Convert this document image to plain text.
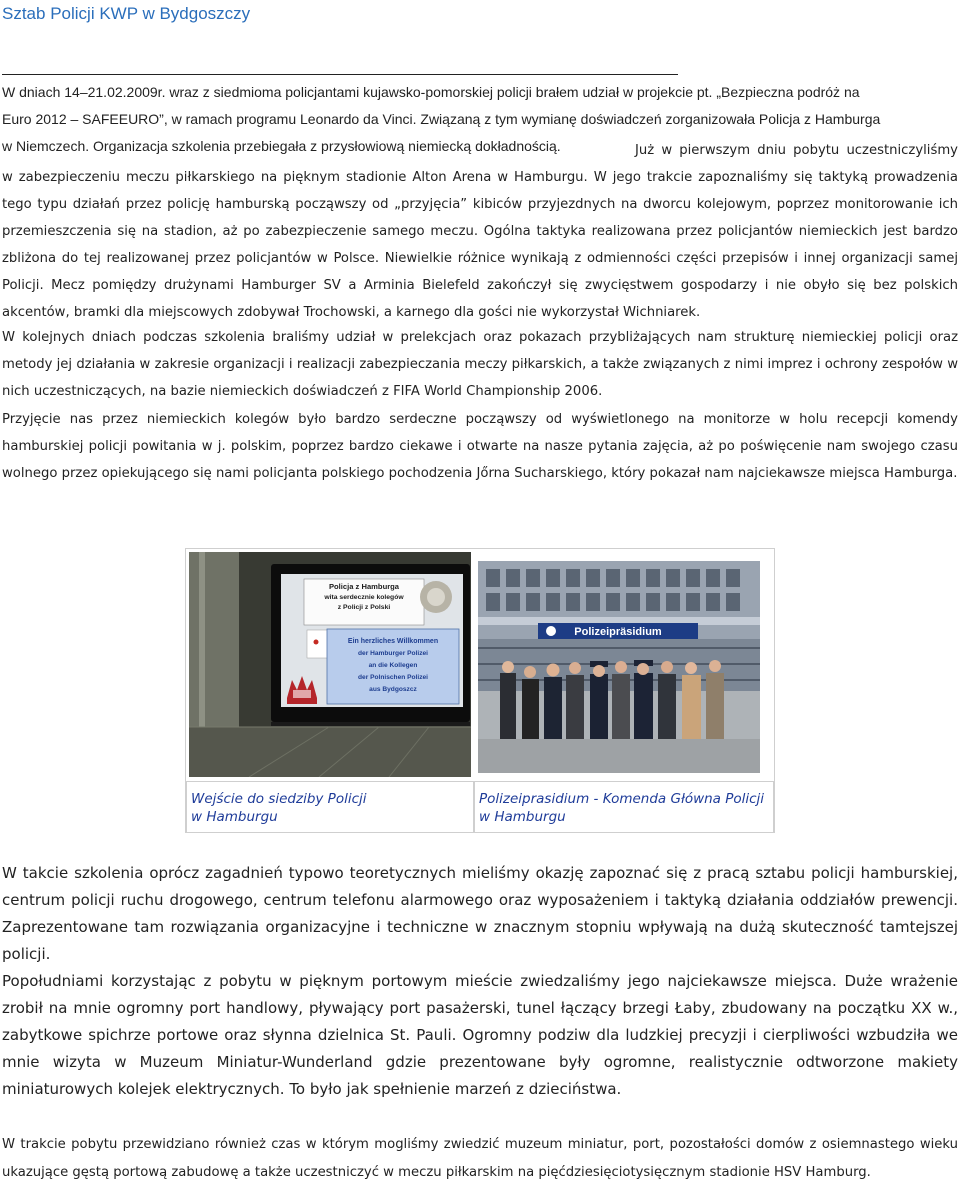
Sztab Policji KWP w Bydgoszczy
W dniach 14–21.02.2009r. wraz z siedmioma policjantami kujawsko-pomorskiej policji brałem udział w projekcie pt. „Bezpieczna podróż na
Euro 2012 – SAFEEURO”, w ramach programu Leonardo da Vinci. Związaną z tym wymianę doświadczeń zorganizowała Policja z Hamburga
w Niemczech. Organizacja szkolenia przebiegała z przysłowiową niemiecką dokładnością.	Już w pierwszym dniu pobytu uczestniczyliśmy w zabezpieczeniu meczu piłkarskiego na pięknym stadionie Alton Arena w Hamburgu. W jego trakcie zapoznaliśmy się taktyką prowadzenia tego typu działań przez policję hamburską począwszy od „przyjęcia” kibiców przyjezdnych na dworcu kolejowym, poprzez monitorowanie ich przemieszczenia się na stadion, aż po zabezpieczenie samego meczu. Ogólna taktyka realizowana przez policjantów niemieckich jest bardzo zbliżona do tej realizowanej przez policjantów w Polsce. Niewielkie różnice wynikają z odmienności części przepisów i innej organizacji samej Policji. Mecz pomiędzy drużynami Hamburger SV a Arminia Bielefeld zakończył się zwycięstwem gospodarzy i nie obyło się bez polskich akcentów, bramki dla miejscowych zdobywał Trochowski, a karnego dla gości nie wykorzystał Wichniarek.
W kolejnych dniach podczas szkolenia braliśmy udział w prelekcjach oraz pokazach przybliżających nam strukturę niemieckiej policji oraz metody jej działania w zakresie organizacji i realizacji zabezpieczania meczy piłkarskich, a także związanych z nimi imprez i ochrony zespołów w nich uczestniczących, na bazie niemieckich doświadczeń z FIFA World Championship 2006.
Przyjęcie nas przez niemieckich kolegów było bardzo serdeczne począwszy od wyświetlonego na monitorze w holu recepcji komendy hamburskiej policji powitania w j. polskim, poprzez bardzo ciekawe i otwarte na nasze pytania zajęcia, aż po poświęcenie nam swojego czasu wolnego przez opiekującego się nami policjanta polskiego pochodzenia Jőrna Sucharskiego, który pokazał nam najciekawsze miejsca Hamburga.
Policja z Hamburga
wita serdecznie kolegów
z Policji z Polski
Ein herzliches Willkommen
der Hamburger Polizei
an die Kollegen
der Polnischen Polizei
aus Bydgoszcz
Polizeipräsidium
Wejście do siedziby Policji
w Hamburgu
Polizeiprasidium - Komenda Główna Policji
w Hamburgu
W takcie szkolenia oprócz zagadnień typowo teoretycznych mieliśmy okazję zapoznać się z pracą sztabu policji hamburskiej, centrum policji ruchu drogowego, centrum telefonu alarmowego oraz wyposażeniem i taktyką działania oddziałów prewencji. Zaprezentowane tam rozwiązania organizacyjne i techniczne w znacznym stopniu wpływają na dużą skuteczność tamtejszej policji.
Popołudniami korzystając z pobytu w pięknym portowym mieście zwiedzaliśmy jego najciekawsze miejsca. Duże wrażenie zrobił na mnie ogromny port handlowy, pływający port pasażerski, tunel łączący brzegi Łaby, zbudowany na początku XX w., zabytkowe spichrze portowe oraz słynna dzielnica St. Pauli. Ogromny podziw dla ludzkiej precyzji i cierpliwości wzbudziła we mnie wizyta w Muzeum Miniatur-Wunderland gdzie prezentowane były ogromne, realistycznie odtworzone makiety miniaturowych kolejek elektrycznych. To było jak spełnienie marzeń z dzieciństwa.
W trakcie pobytu przewidziano również czas w którym mogliśmy zwiedzić muzeum miniatur, port, pozostałości domów z osiemnastego wieku ukazujące gęstą portową zabudowę a także uczestniczyć w meczu piłkarskim na pięćdziesięciotysięcznym stadionie HSV Hamburg.
